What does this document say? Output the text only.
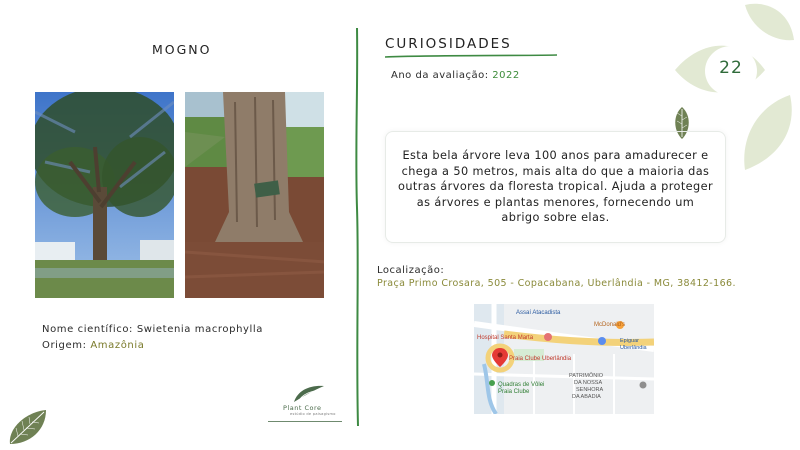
22
MOGNO
Nome científico: Swietenia macrophylla
Origem: Amazônia
Plant Core
estúdio de paisagismo
CURIOSIDADES
Ano da avaliação: 2022
Esta bela árvore leva 100 anos para amadurecer e chega a 50 metros, mais alta do que a maioria das outras árvores da floresta tropical. Ajuda a proteger as árvores e plantas menores, fornecendo um abrigo sobre elas.
Localização:
Praça Primo Crosara, 505 - Copacabana, Uberlândia - MG, 38412-166.
Assaí Atacadista
Hospital Santa Marta
McDonald's
Epiguar
Uberlândia
Praia Clube Uberlândia
PATRIMÔNIO
DA NOSSA
SENHORA
DA ABADIA
Quadras de Vôlei
Praia Clube
